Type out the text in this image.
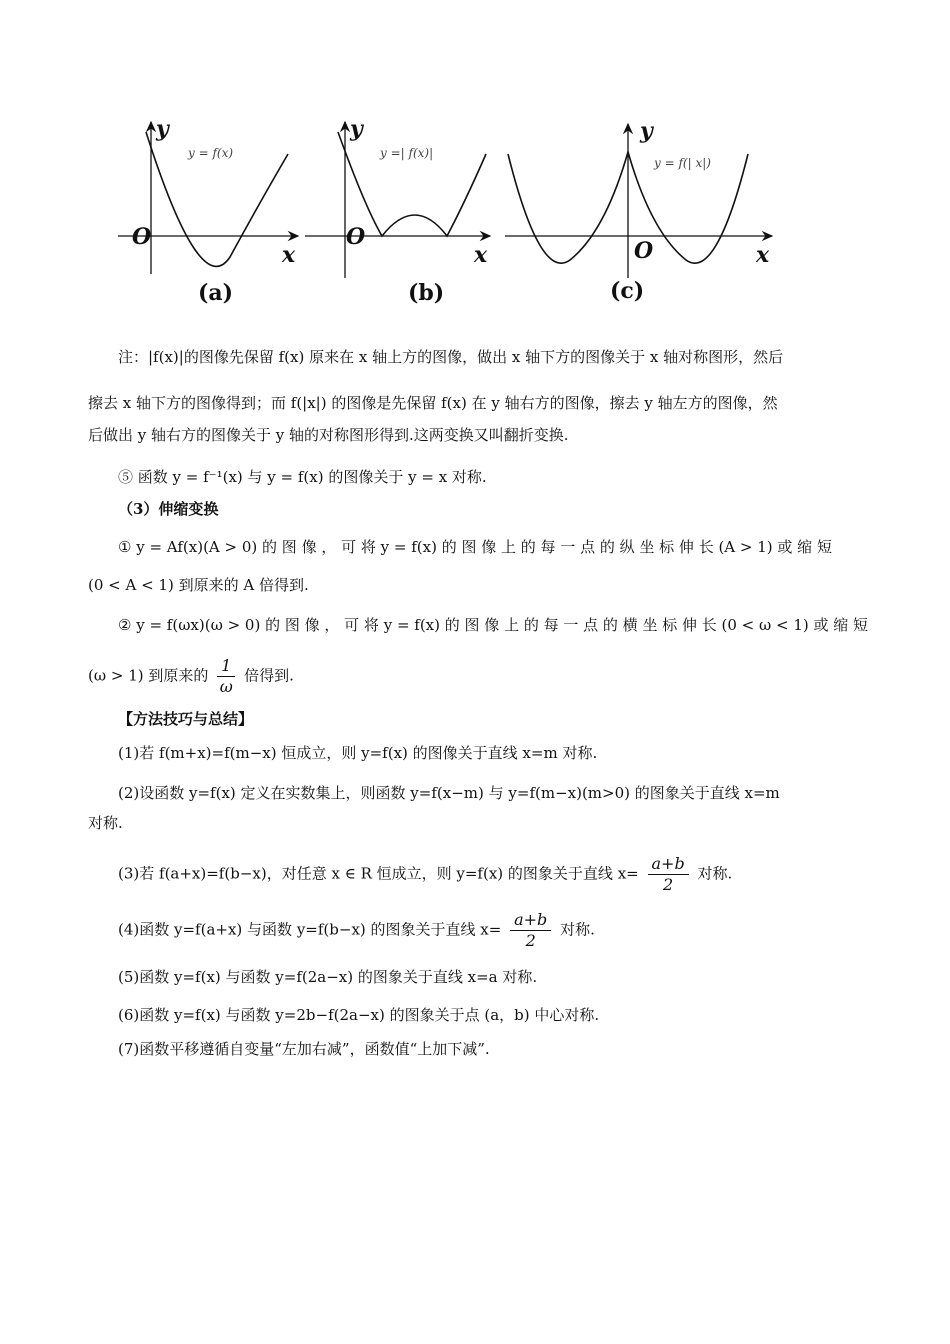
y
O
x
y = f(x)
(a)
y
O
x
y =| f(x)|
(b)
y
O	x
y = f(| x|)
(c)
注：|f(x)|的图像先保留 f(x) 原来在 x 轴上方的图像，做出 x 轴下方的图像关于 x 轴对称图形，然后
擦去 x 轴下方的图像得到；而 f(|x|) 的图像是先保留 f(x) 在 y 轴右方的图像，擦去 y 轴左方的图像，然
后做出 y 轴右方的图像关于 y 轴的对称图形得到.这两变换又叫翻折变换.
⑤ 函数 y = f⁻¹(x) 与 y = f(x) 的图像关于 y = x 对称.
（3）伸缩变换
① y = Af(x)(A > 0) 的 图 像 ， 可 将 y = f(x) 的 图 像 上 的 每 一 点 的 纵 坐 标 伸 长 (A > 1) 或 缩 短
(0 < A < 1) 到原来的 A 倍得到.
② y = f(ωx)(ω > 0) 的 图 像 ， 可 将 y = f(x) 的 图 像 上 的 每 一 点 的 横 坐 标 伸 长 (0 < ω < 1) 或 缩 短
(ω > 1) 到原来的 $\frac{1}{\omega}$ 倍得到.
【方法技巧与总结】
(1)若 f(m+x)=f(m−x) 恒成立，则 y=f(x) 的图像关于直线 x=m 对称.
(2)设函数 y=f(x) 定义在实数集上，则函数 y=f(x−m) 与 y=f(m−x)(m>0) 的图象关于直线 x=m
对称.
(3)若 f(a+x)=f(b−x)，对任意 x ∈ R 恒成立，则 y=f(x) 的图象关于直线 $x= \frac{a+b}{2}$ 对称.
(4)函数 y=f(a+x) 与函数 y=f(b−x) 的图象关于直线 $x= \frac{a+b}{2}$ 对称.
(5)函数 y=f(x) 与函数 y=f(2a−x) 的图象关于直线 x=a 对称.
(6)函数 y=f(x) 与函数 y=2b−f(2a−x) 的图象关于点 (a，b) 中心对称.
(7)函数平移遵循自变量“左加右减”，函数值“上加下减”.
